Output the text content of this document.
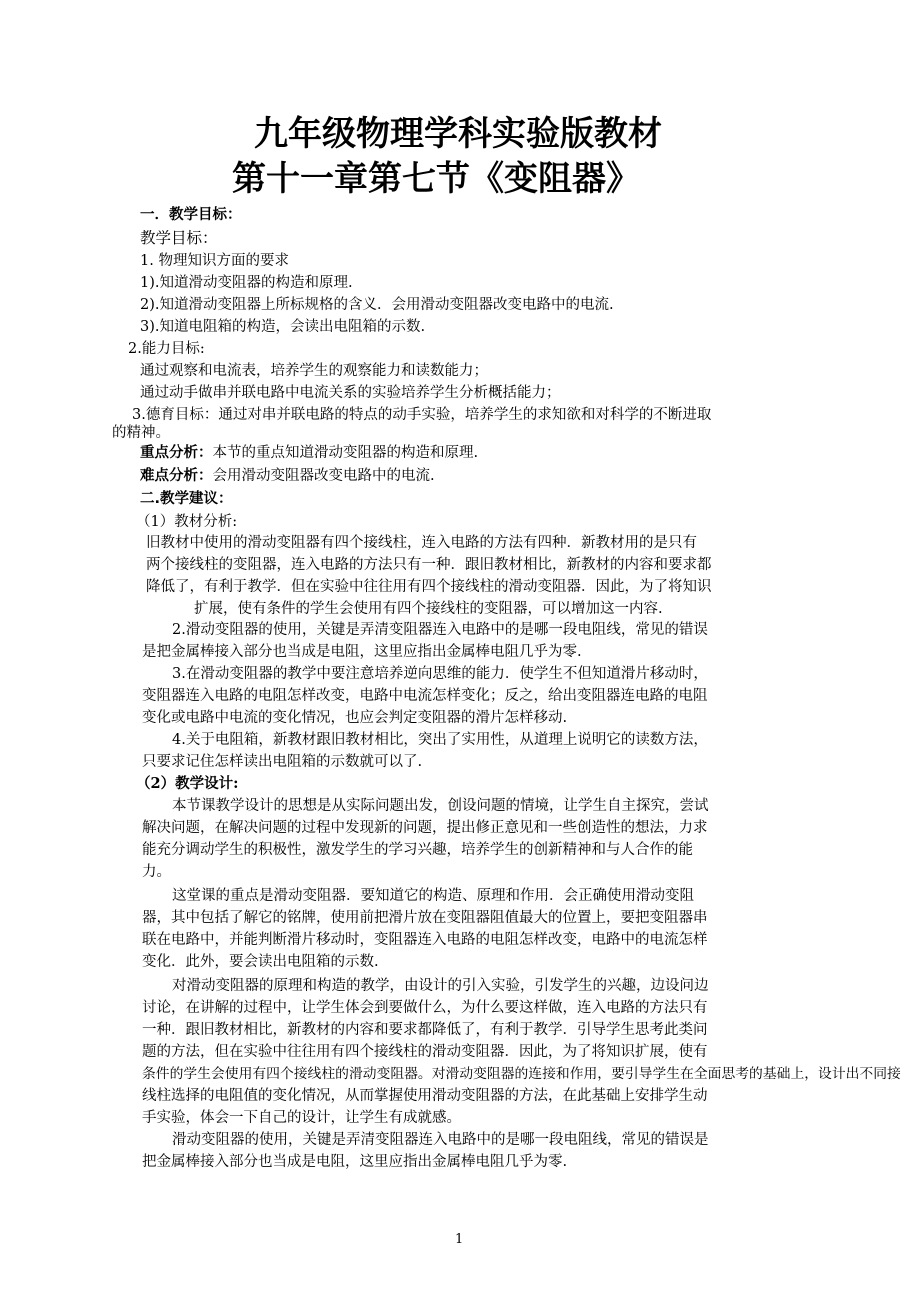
九年级物理学科实验版教材
第十一章第七节《变阻器》
一．教学目标：
教学目标：
1. 物理知识方面的要求
1).知道滑动变阻器的构造和原理.
2).知道滑动变阻器上所标规格的含义．会用滑动变阻器改变电路中的电流.
3).知道电阻箱的构造，会读出电阻箱的示数.
2.能力目标:
通过观察和电流表，培养学生的观察能力和读数能力；
通过动手做串并联电路中电流关系的实验培养学生分析概括能力；
3.德育目标：通过对串并联电路的特点的动手实验，培养学生的求知欲和对科学的不断进取
的精神。
重点分析：本节的重点知道滑动变阻器的构造和原理.
难点分析：会用滑动变阻器改变电路中的电流.
二.教学建议：
（1）教材分析:
旧教材中使用的滑动变阻器有四个接线柱，连入电路的方法有四种．新教材用的是只有
两个接线柱的变阻器，连入电路的方法只有一种．跟旧教材相比，新教材的内容和要求都
降低了，有利于教学．但在实验中往往用有四个接线柱的滑动变阻器．因此，为了将知识
扩展，使有条件的学生会使用有四个接线柱的变阻器，可以增加这一内容.
2.滑动变阻器的使用，关键是弄清变阻器连入电路中的是哪一段电阻线，常见的错误
是把金属棒接入部分也当成是电阻，这里应指出金属棒电阻几乎为零.
3.在滑动变阻器的教学中要注意培养逆向思维的能力．使学生不但知道滑片移动时，
变阻器连入电路的电阻怎样改变，电路中电流怎样变化；反之，给出变阻器连电路的电阻
变化或电路中电流的变化情况，也应会判定变阻器的滑片怎样移动.
4.关于电阻箱，新教材跟旧教材相比，突出了实用性，从道理上说明它的读数方法，
只要求记住怎样读出电阻箱的示数就可以了.
（2）教学设计:
本节课教学设计的思想是从实际问题出发，创设问题的情境，让学生自主探究，尝试
解决问题，在解决问题的过程中发现新的问题，提出修正意见和一些创造性的想法，力求
能充分调动学生的积极性，激发学生的学习兴趣，培养学生的创新精神和与人合作的能
力。
这堂课的重点是滑动变阻器．要知道它的构造、原理和作用．会正确使用滑动变阻
器，其中包括了解它的铭牌，使用前把滑片放在变阻器阻值最大的位置上，要把变阻器串
联在电路中，并能判断滑片移动时，变阻器连入电路的电阻怎样改变，电路中的电流怎样
变化．此外，要会读出电阻箱的示数.
对滑动变阻器的原理和构造的教学，由设计的引入实验，引发学生的兴趣，边设问边
讨论，在讲解的过程中，让学生体会到要做什么，为什么要这样做，连入电路的方法只有
一种．跟旧教材相比，新教材的内容和要求都降低了，有利于教学．引导学生思考此类问
题的方法，但在实验中往往用有四个接线柱的滑动变阻器．因此，为了将知识扩展，使有
条件的学生会使用有四个接线柱的滑动变阻器。对滑动变阻器的连接和作用，要引导学生在全面思考的基础上，设计出不同接
线柱选择的电阻值的变化情况，从而掌握使用滑动变阻器的方法，在此基础上安排学生动
手实验，体会一下自己的设计，让学生有成就感。
滑动变阻器的使用，关键是弄清变阻器连入电路中的是哪一段电阻线，常见的错误是
把金属棒接入部分也当成是电阻，这里应指出金属棒电阻几乎为零.
1
